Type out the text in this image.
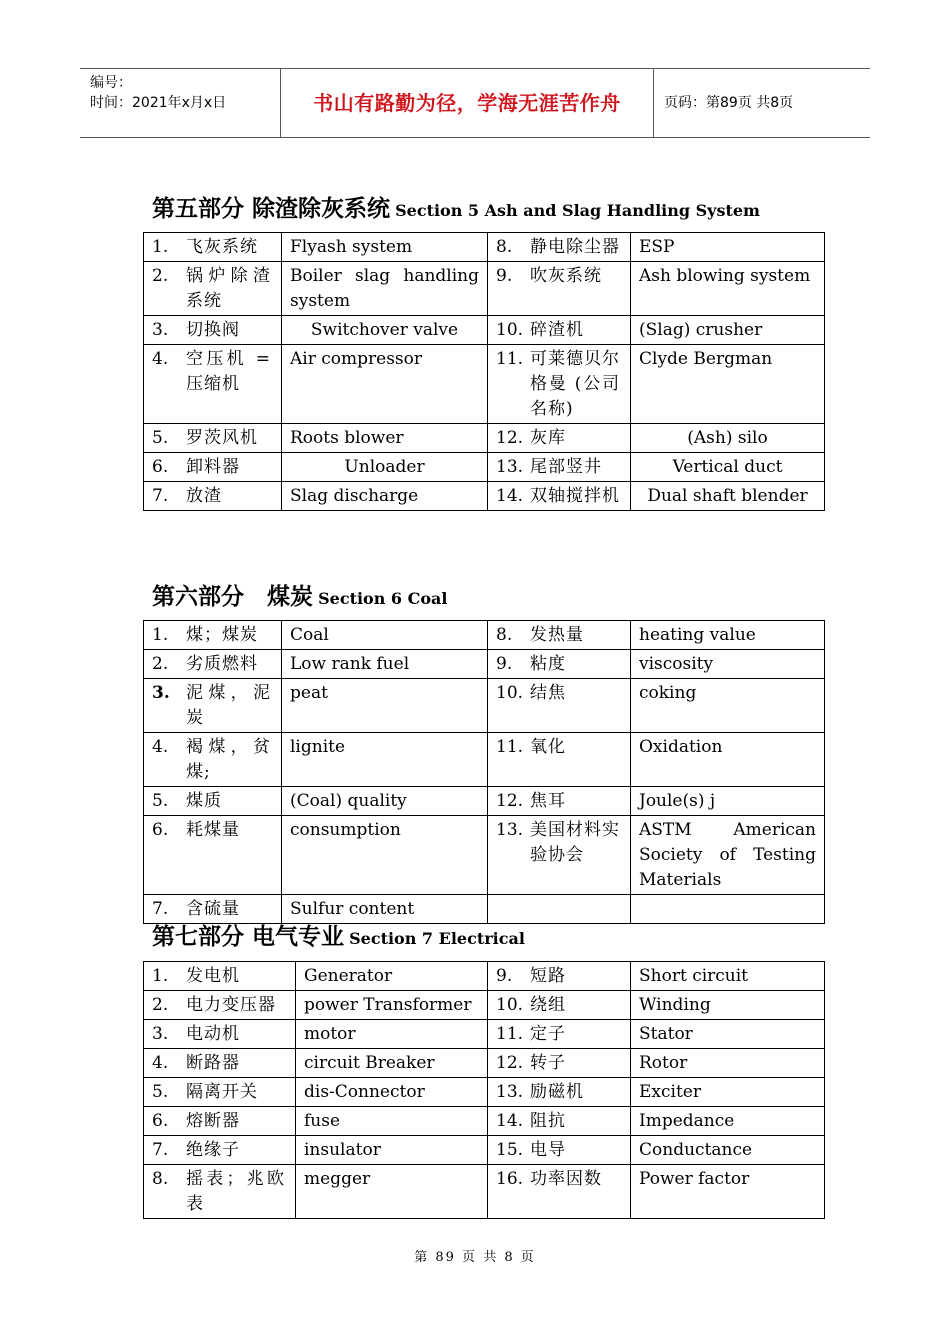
编号：
时间：2021年x月x日	书山有路勤为径，学海无涯苦作舟	页码：第89页 共8页
第五部分 除渣除灰系统 Section 5 Ash and Slag Handling System
1. 飞灰系统	Flyash system	8. 静电除尘器	ESP
2. 锅炉除渣系统	Boiler slag handling system	9. 吹灰系统	Ash blowing system
3. 切换阀	Switchover valve	10. 碎渣机	(Slag) crusher
4. 空压机 = 压缩机	Air compressor	11. 可莱德贝尔格曼 (公司名称)	Clyde Bergman
5. 罗茨风机	Roots blower	12. 灰库	(Ash) silo
6. 卸料器	Unloader	13. 尾部竖井	Vertical duct
7. 放渣	Slag discharge	14. 双轴搅拌机	Dual shaft blender
第六部分　煤炭 Section 6 Coal
1. 煤；煤炭	Coal	8. 发热量	heating value
2. 劣质燃料	Low rank fuel	9. 粘度	viscosity
3. 泥煤，泥炭	peat	10. 结焦	coking
4. 褐煤，贫煤;	lignite	11. 氧化	Oxidation
5. 煤质	(Coal) quality	12. 焦耳	Joule(s) j
6. 耗煤量	consumption	13. 美国材料实验协会	ASTM American Society of Testing Materials
7. 含硫量	Sulfur content		
第七部分 电气专业 Section 7 Electrical
1. 发电机	Generator	9. 短路	Short circuit
2. 电力变压器	power Transformer	10. 绕组	Winding
3. 电动机	motor	11. 定子	Stator
4. 断路器	circuit Breaker	12. 转子	Rotor
5. 隔离开关	dis-Connector	13. 励磁机	Exciter
6. 熔断器	fuse	14. 阻抗	Impedance
7. 绝缘子	insulator	15. 电导	Conductance
8. 摇表；兆欧表	megger	16. 功率因数	Power factor
第 89 页 共 8 页
